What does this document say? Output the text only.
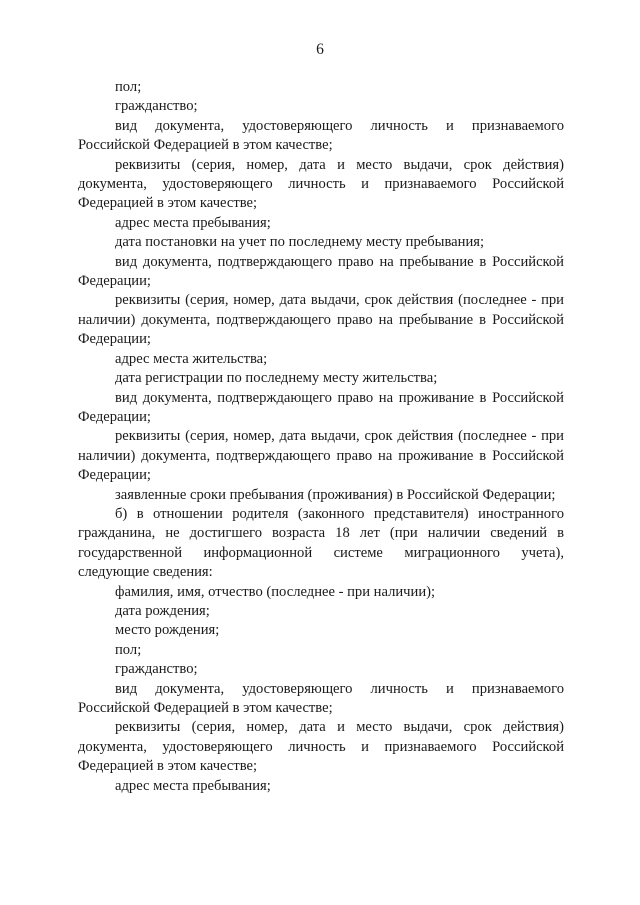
6

пол;

гражданство;

вид документа, удостоверяющего личность и признаваемого Российской Федерацией в этом качестве;

реквизиты (серия, номер, дата и место выдачи, срок действия) документа, удостоверяющего личность и признаваемого Российской Федерацией в этом качестве;

адрес места пребывания;

дата постановки на учет по последнему месту пребывания;

вид документа, подтверждающего право на пребывание в Российской Федерации;

реквизиты (серия, номер, дата выдачи, срок действия (последнее - при наличии) документа, подтверждающего право на пребывание в Российской Федерации;

адрес места жительства;

дата регистрации по последнему месту жительства;

вид документа, подтверждающего право на проживание в Российской Федерации;

реквизиты (серия, номер, дата выдачи, срок действия (последнее - при наличии) документа, подтверждающего право на проживание в Российской Федерации;

заявленные сроки пребывания (проживания) в Российской Федерации;

б) в отношении родителя (законного представителя) иностранного гражданина, не достигшего возраста 18 лет (при наличии сведений в государственной информационной системе миграционного учета), следующие сведения:

фамилия, имя, отчество (последнее - при наличии);

дата рождения;

место рождения;

пол;

гражданство;

вид документа, удостоверяющего личность и признаваемого Российской Федерацией в этом качестве;

реквизиты (серия, номер, дата и место выдачи, срок действия) документа, удостоверяющего личность и признаваемого Российской Федерацией в этом качестве;

адрес места пребывания;
